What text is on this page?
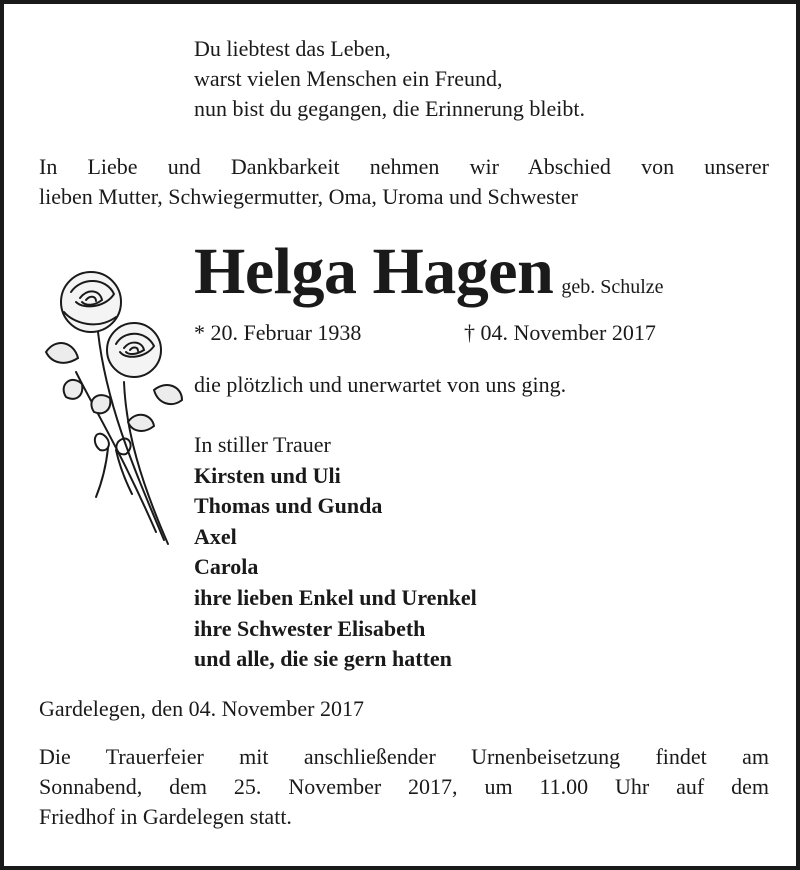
Du liebtest das Leben,
warst vielen Menschen ein Freund,
nun bist du gegangen, die Erinnerung bleibt.
In Liebe und Dankbarkeit nehmen wir Abschied von unserer
lieben Mutter, Schwiegermutter, Oma, Uroma und Schwester
Helga Hagen geb. Schulze
* 20. Februar 1938	† 04. November 2017
die plötzlich und unerwartet von uns ging.
In stiller Trauer
Kirsten und Uli
Thomas und Gunda
Axel
Carola
ihre lieben Enkel und Urenkel
ihre Schwester Elisabeth
und alle, die sie gern hatten
Gardelegen, den 04. November 2017
Die Trauerfeier mit anschließender Urnenbeisetzung findet am
Sonnabend, dem 25. November 2017, um 11.00 Uhr auf dem
Friedhof in Gardelegen statt.
